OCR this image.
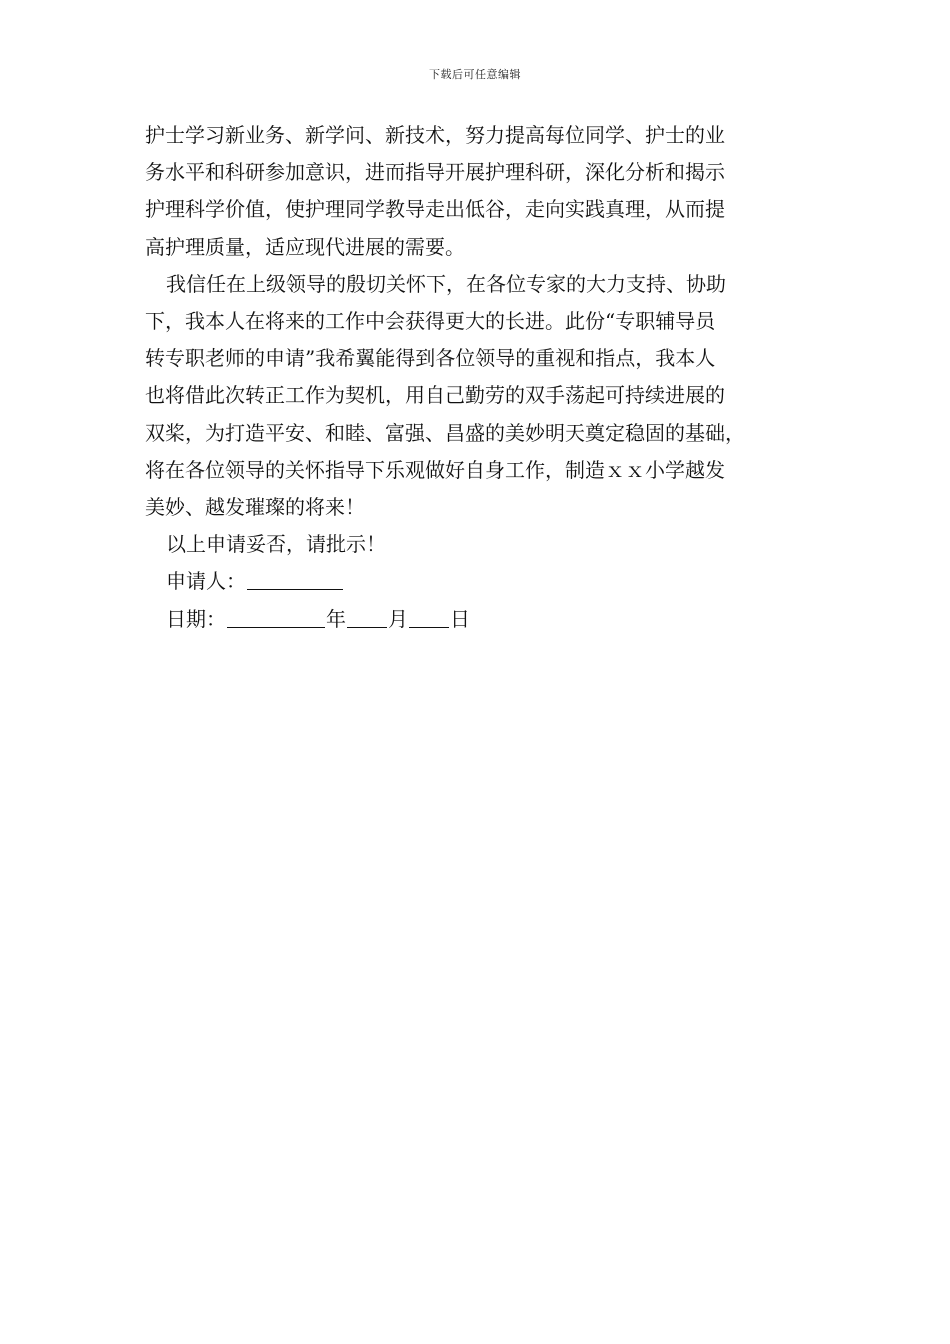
下载后可任意编辑
护士学习新业务、新学问、新技术，努力提高每位同学、护士的业
务水平和科研参加意识，进而指导开展护理科研，深化分析和揭示
护理科学价值，使护理同学教导走出低谷，走向实践真理，从而提
高护理质量，适应现代进展的需要。
我信任在上级领导的殷切关怀下，在各位专家的大力支持、协助
下，我本人在将来的工作中会获得更大的长进。此份“专职辅导员
转专职老师的申请”我希翼能得到各位领导的重视和指点，我本人
也将借此次转正工作为契机，用自己勤劳的双手荡起可持续进展的
双桨，为打造平安、和睦、富强、昌盛的美妙明天奠定稳固的基础，
将在各位领导的关怀指导下乐观做好自身工作，制造ｘｘ小学越发
美妙、越发璀璨的将来！
以上申请妥否，请批示！
申请人：
日期：	年 月 日
